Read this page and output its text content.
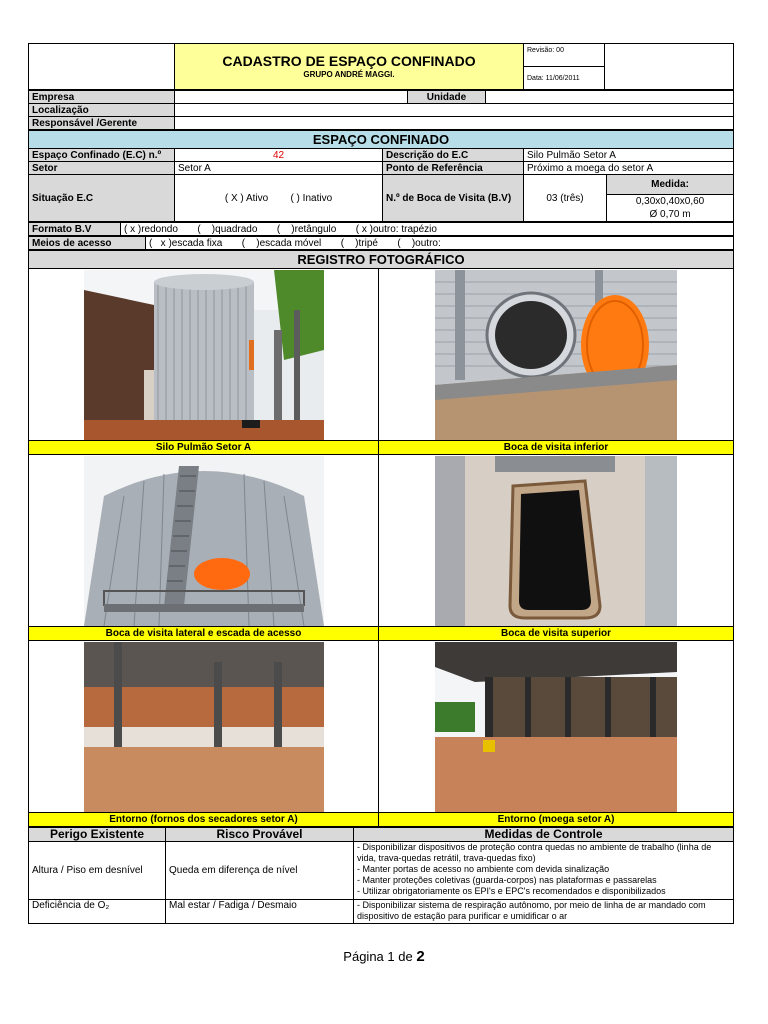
CADASTRO DE ESPAÇO CONFINADO
GRUPO ANDRÉ MAGGI.
	Revisão: 00	
Data: 11/06/2011
Empresa		Unidade	
Localização			
Responsável /Gerente			
ESPAÇO CONFINADO				
Espaço Confinado (E.C) n.º	42	Descrição do E.C	Silo Pulmão Setor A	
Setor	Setor A	Ponto de Referência	Próximo a moega do setor A	
Situação E.C	( X ) Ativo ( ) Inativo	N.º de Boca de Visita (B.V)	03 (três)	Medida:

				0,30x0,40x0,60
Ø 0,70 m
Formato B.V	( x )redondo       (    )quadrado       (    )retângulo       ( x )outro: trapézio
Meios de acesso	(   x )escada fixa       (    )escada móvel       (    )tripé       (    )outro:
REGISTRO FOTOGRÁFICO	

Silo Pulmão Setor A	Boca de visita inferior

Boca de visita lateral e escada de acesso	Boca de visita superior

Entorno (fornos dos secadores setor A)	Entorno (moega setor A)
Perigo Existente	Risco Provável	Medidas de Controle
Altura / Piso em desnível	Queda em diferença de nível	- Disponibilizar dispositivos de proteção contra quedas no ambiente de trabalho (linha de vida, trava-quedas retrátil, trava-quedas fixo)
- Manter portas de acesso no ambiente com devida sinalização
- Manter proteções coletivas (guarda-corpos) nas plataformas e passarelas
- Utilizar obrigatoriamente os EPI's e EPC's recomendados e disponibilizados

Deficiência de O₂	Mal estar / Fadiga / Desmaio	- Disponibilizar sistema de respiração autônomo, por meio de linha de ar mandado com dispositivo de estação para purificar e umidificar o ar
Página 1 de 2
